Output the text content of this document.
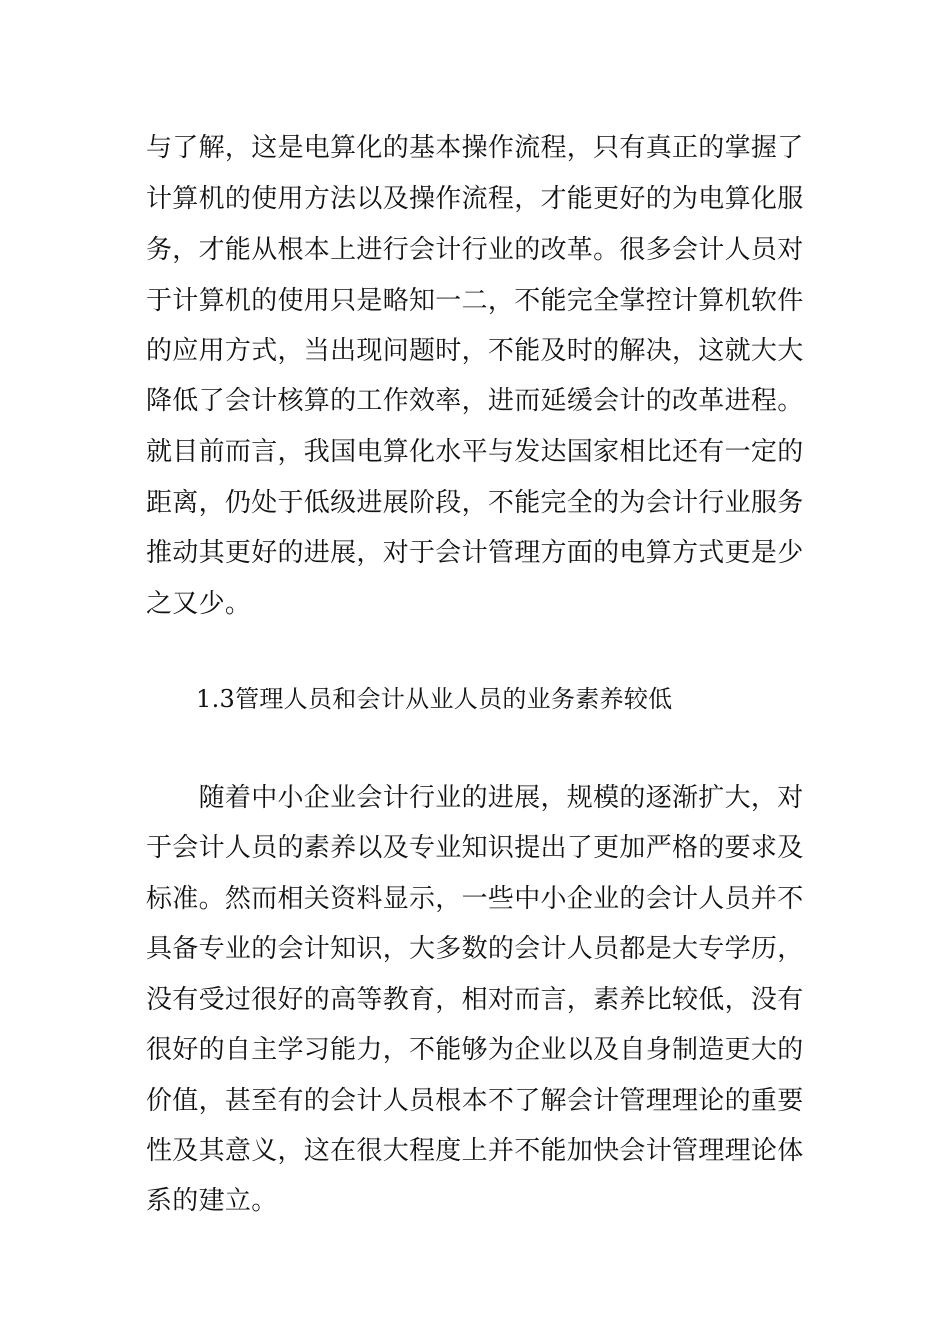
与了解，这是电算化的基本操作流程，只有真正的掌握了

计算机的使用方法以及操作流程，才能更好的为电算化服

务，才能从根本上进行会计行业的改革。很多会计人员对

于计算机的使用只是略知一二，不能完全掌控计算机软件

的应用方式，当出现问题时，不能及时的解决，这就大大

降低了会计核算的工作效率，进而延缓会计的改革进程。

就目前而言，我国电算化水平与发达国家相比还有一定的

距离，仍处于低级进展阶段，不能完全的为会计行业服务

推动其更好的进展，对于会计管理方面的电算方式更是少

之又少。

1.3管理人员和会计从业人员的业务素养较低

　　随着中小企业会计行业的进展，规模的逐渐扩大，对

于会计人员的素养以及专业知识提出了更加严格的要求及

标准。然而相关资料显示，一些中小企业的会计人员并不

具备专业的会计知识，大多数的会计人员都是大专学历，

没有受过很好的高等教育，相对而言，素养比较低，没有

很好的自主学习能力，不能够为企业以及自身制造更大的

价值，甚至有的会计人员根本不了解会计管理理论的重要

性及其意义，这在很大程度上并不能加快会计管理理论体

系的建立。
